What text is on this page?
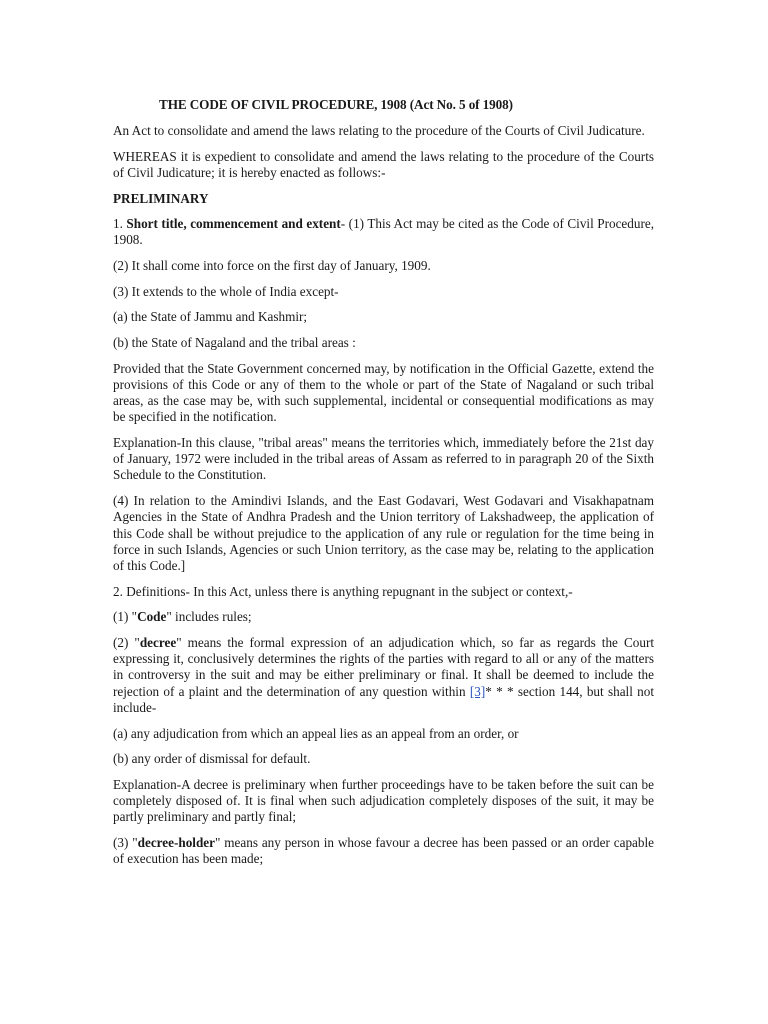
THE CODE OF CIVIL PROCEDURE, 1908 (Act No. 5 of 1908)

An Act to consolidate and amend the laws relating to the procedure of the Courts of Civil Judicature.

WHEREAS it is expedient to consolidate and amend the laws relating to the procedure of the Courts of Civil Judicature; it is hereby enacted as follows:-

PRELIMINARY

1. Short title, commencement and extent- (1) This Act may be cited as the Code of Civil Procedure, 1908.

(2) It shall come into force on the first day of January, 1909.

(3) It extends to the whole of India except-

(a) the State of Jammu and Kashmir;

(b) the State of Nagaland and the tribal areas :

Provided that the State Government concerned may, by notification in the Official Gazette, extend the provisions of this Code or any of them to the whole or part of the State of Nagaland or such tribal areas, as the case may be, with such supplemental, incidental or consequential modifications as may be specified in the notification.

Explanation-In this clause, "tribal areas" means the territories which, immediately before the 21st day of January, 1972 were included in the tribal areas of Assam as referred to in paragraph 20 of the Sixth Schedule to the Constitution.

(4) In relation to the Amindivi Islands, and the East Godavari, West Godavari and Visakhapatnam Agencies in the State of Andhra Pradesh and the Union territory of Lakshadweep, the application of this Code shall be without prejudice to the application of any rule or regulation for the time being in force in such Islands, Agencies or such Union territory, as the case may be, relating to the application of this Code.]

2. Definitions- In this Act, unless there is anything repugnant in the subject or context,-

(1) "Code" includes rules;

(2) "decree" means the formal expression of an adjudication which, so far as regards the Court expressing it, conclusively determines the rights of the parties with regard to all or any of the matters in controversy in the suit and may be either preliminary or final. It shall be deemed to include the rejection of a plaint and the determination of any question within [3]* * * section 144, but shall not include-

(a) any adjudication from which an appeal lies as an appeal from an order, or

(b) any order of dismissal for default.

Explanation-A decree is preliminary when further proceedings have to be taken before the suit can be completely disposed of. It is final when such adjudication completely disposes of the suit, it may be partly preliminary and partly final;

(3) "decree-holder" means any person in whose favour a decree has been passed or an order capable of execution has been made;
